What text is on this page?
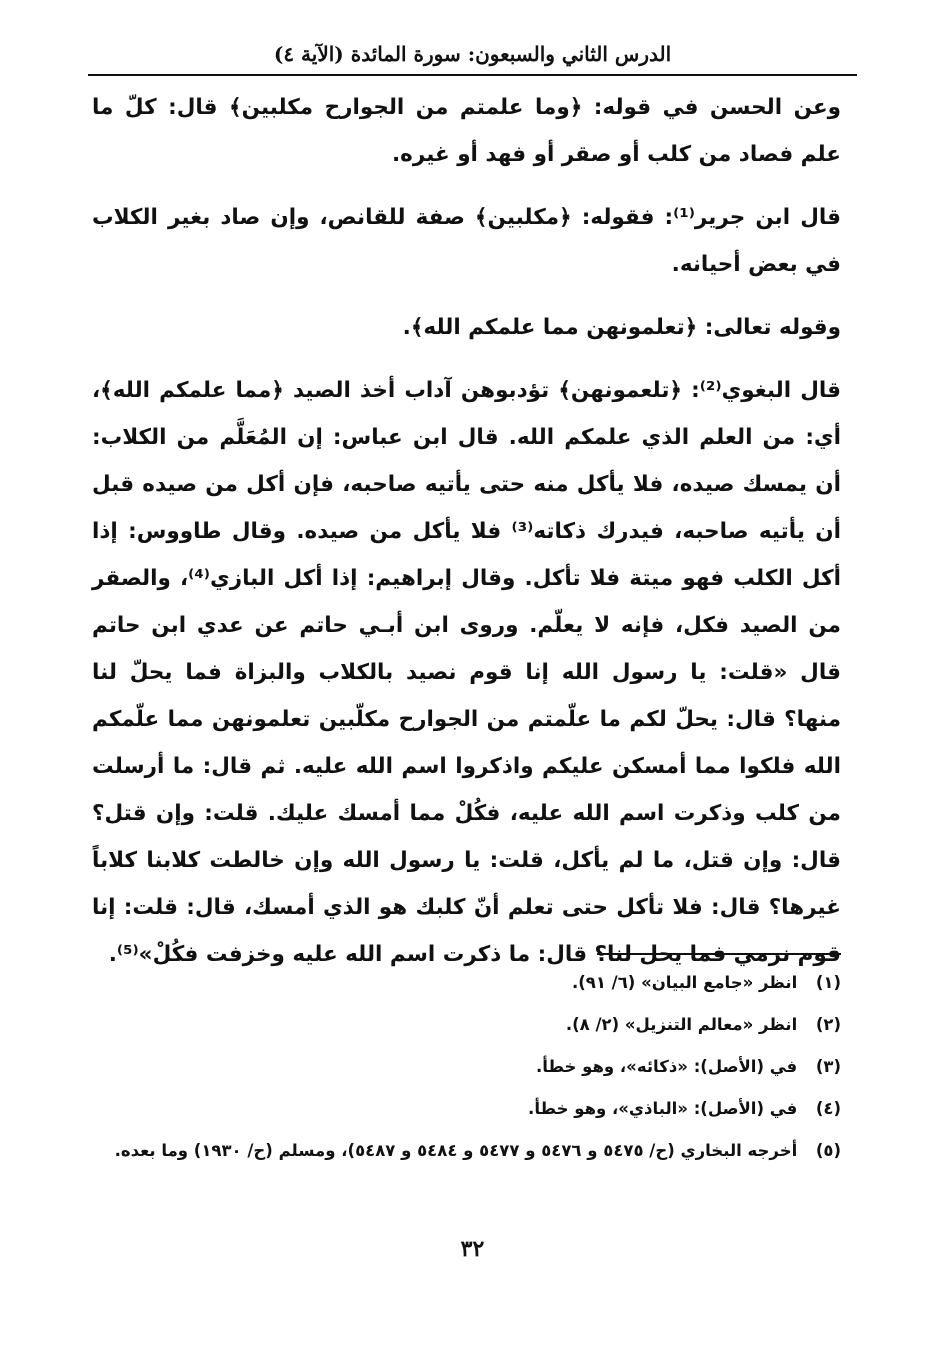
الدرس الثاني والسبعون: سورة المائدة (الآية ٤)

وعن الحسن في قوله: ﴿وما علمتم من الجوارح مكلبين﴾ قال: كلّ ما علم فصاد من كلب أو صقر أو فهد أو غيره.

قال ابن جرير⁽¹⁾: فقوله: ﴿مكلبين﴾ صفة للقانص، وإن صاد بغير الكلاب في بعض أحيانه.

وقوله تعالى: ﴿تعلمونهن مما علمكم الله﴾.

قال البغوي⁽²⁾: ﴿تلعمونهن﴾ تؤدبوهن آداب أخذ الصيد ﴿مما علمكم الله﴾، أي: من العلم الذي علمكم الله. قال ابن عباس: إن المُعَلَّم من الكلاب: أن يمسك صيده، فلا يأكل منه حتى يأتيه صاحبه، فإن أكل من صيده قبل أن يأتيه صاحبه، فيدرك ذكاته⁽³⁾ فلا يأكل من صيده. وقال طاووس: إذا أكل الكلب فهو ميتة فلا تأكل. وقال إبراهيم: إذا أكل البازي⁽⁴⁾، والصقر من الصيد فكل، فإنه لا يعلّم. وروى ابن أبـي حاتم عن عدي ابن حاتم قال «قلت: يا رسول الله إنا قوم نصيد بالكلاب والبزاة فما يحلّ لنا منها؟ قال: يحلّ لكم ما علّمتم من الجوارح مكلّبين تعلمونهن مما علّمكم الله فلكوا مما أمسكن عليكم واذكروا اسم الله عليه. ثم قال: ما أرسلت من كلب وذكرت اسم الله عليه، فكُلْ مما أمسك عليك. قلت: وإن قتل؟ قال: وإن قتل، ما لم يأكل، قلت: يا رسول الله وإن خالطت كلابنا كلاباً غيرها؟ قال: فلا تأكل حتى تعلم أنّ كلبك هو الذي أمسك، قال: قلت: إنا قوم نرمي فما يحل لنا؟ قال: ما ذكرت اسم الله عليه وخزفت فكُلْ»⁽⁵⁾.

(١) انظر «جامع البيان» (٦/ ٩١).
(٢) انظر «معالم التنزيل» (٢/ ٨).
(٣) في (الأصل): «ذكائه»، وهو خطأ.
(٤) في (الأصل): «الباذي»، وهو خطأ.
(٥) أخرجه البخاري (ح/ ٥٤٧٥ و ٥٤٧٦ و ٥٤٧٧ و ٥٤٨٤ و ٥٤٨٧)، ومسلم (ح/ ١٩٣٠) وما بعده.
٣٢
